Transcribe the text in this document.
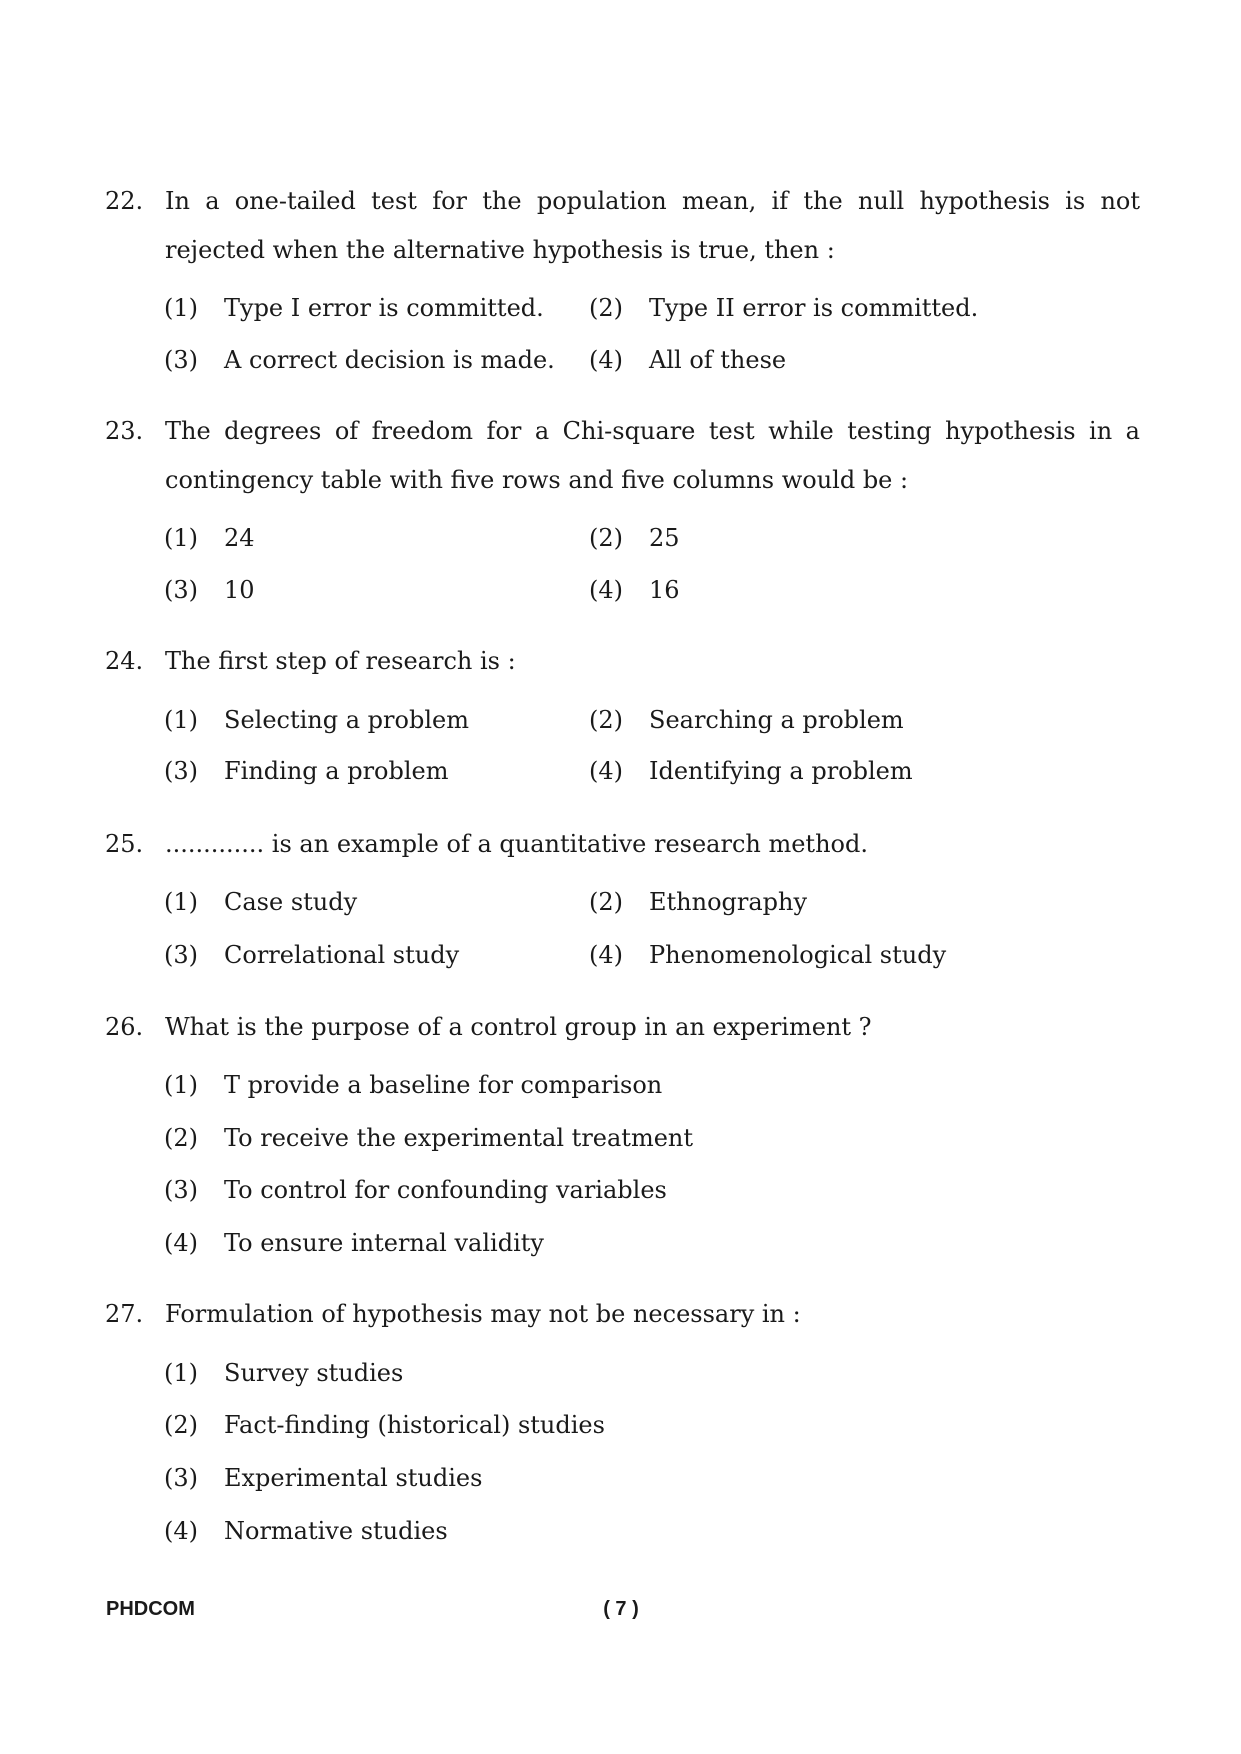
22. In a one-tailed test for the population mean, if the null hypothesis is not rejected when the alternative hypothesis is true, then :
(1) Type I error is committed. (2) Type II error is committed.
(3) A correct decision is made. (4) All of these
23. The degrees of freedom for a Chi-square test while testing hypothesis in a contingency table with five rows and five columns would be :
(1) 24	(2) 25
(3) 10	(4) 16
24. The first step of research is :
(1) Selecting a problem	(2) Searching a problem
(3) Finding a problem	(4) Identifying a problem
25. ............. is an example of a quantitative research method.
(1) Case study	(2) Ethnography
(3) Correlational study	(4) Phenomenological study
26. What is the purpose of a control group in an experiment ?
(1) T provide a baseline for comparison
(2) To receive the experimental treatment
(3) To control for confounding variables
(4) To ensure internal validity
27. Formulation of hypothesis may not be necessary in :
(1) Survey studies
(2) Fact-finding (historical) studies
(3) Experimental studies
(4) Normative studies
PHDCOM	( 7 )
